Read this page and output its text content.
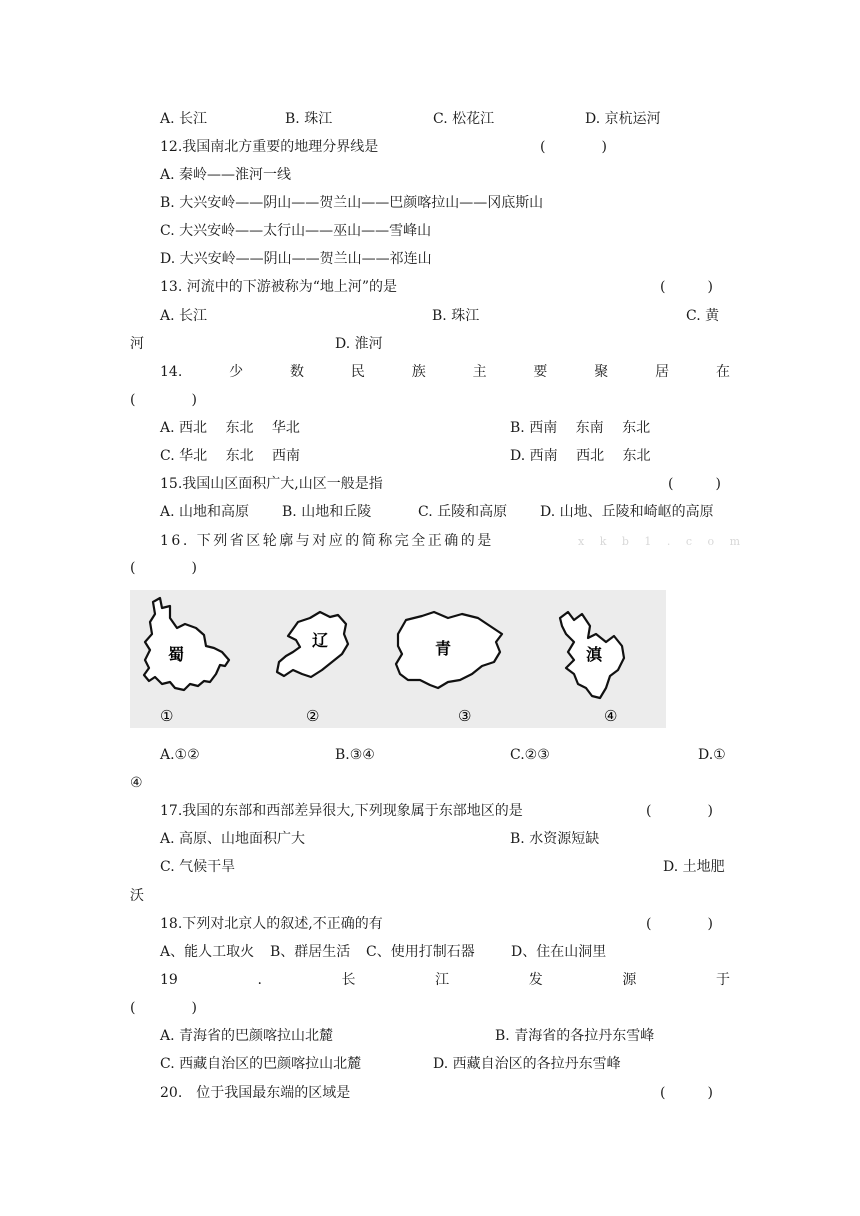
A. 长江	B. 珠江	C. 松花江	D. 京杭运河
12.我国南北方重要的地理分界线是	(　　　　)
A. 秦岭——淮河一线
B. 大兴安岭——阴山——贺兰山——巴颜喀拉山——冈底斯山
C. 大兴安岭——太行山——巫山——雪峰山
D. 大兴安岭——阴山——贺兰山——祁连山
13. 河流中的下游被称为“地上河”的是	(　　　)
A. 长江	B. 珠江	C. 黄
河	D. 淮河
14.	少	数	民	族	主	要	聚	居	在
(　　　　)
A. 西北　 东北　 华北	B. 西南　 东南　 东北
C. 华北　 东北　 西南	D. 西南　 西北　 东北
15.我国山区面积广大,山区一般是指	(　　　)
A. 山地和高原 B. 山地和丘陵	C. 丘陵和高原 D. 山地、丘陵和崎岖的高原
16. 下列省区轮廓与对应的简称完全正确的是	x k b 1 . c o m
(　　　　)
蜀
①
辽
②
青
③
滇
④
A.①②	B.③④	C.②③	D.①
④
17.我国的东部和西部差异很大,下列现象属于东部地区的是	(　　　　)
A. 高原、山地面积广大	B. 水资源短缺
C. 气候干旱	D. 土地肥
沃
18.下列对北京人的叙述,不正确的有	(　　　　)
A、能人工取火 B、群居生活 C、使用打制石器	D、住在山洞里
19	.	长	江	发	源	于
(　　　　)
A. 青海省的巴颜喀拉山北麓	B. 青海省的各拉丹东雪峰
C. 西藏自治区的巴颜喀拉山北麓	D. 西藏自治区的各拉丹东雪峰
20.　位于我国最东端的区域是	(　　　)
